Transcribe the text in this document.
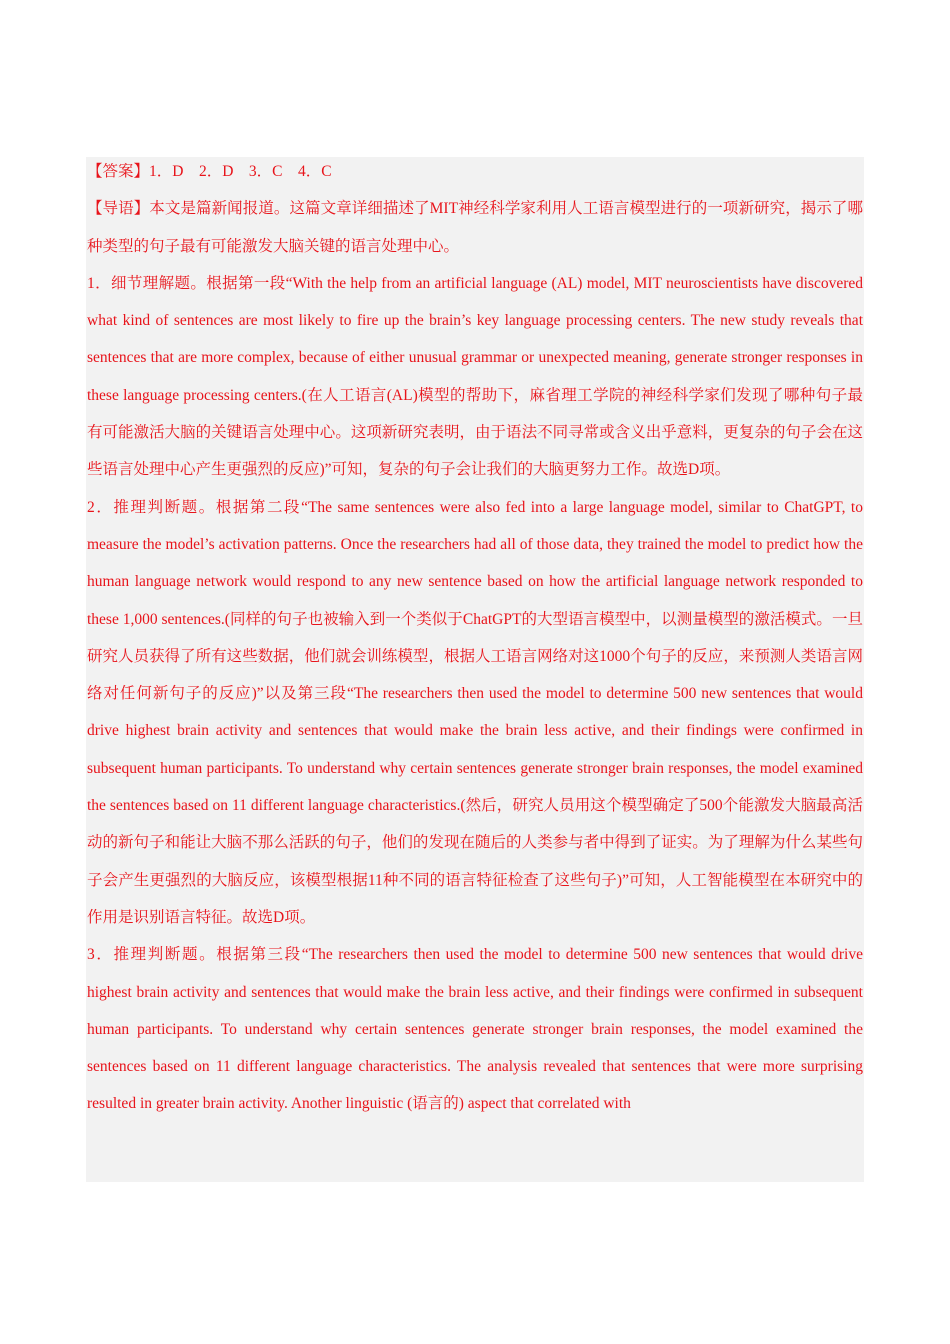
【答案】1．D　2．D　3．C　4．C

【导语】本文是篇新闻报道。这篇文章详细描述了MIT神经科学家利用人工语言模型进行的一项新研究，揭示了哪种类型的句子最有可能激发大脑关键的语言处理中心。

1．细节理解题。根据第一段“With the help from an artificial language (AL) model, MIT neuroscientists have discovered what kind of sentences are most likely to fire up the brain’s key language processing centers. The new study reveals that sentences that are more complex, because of either unusual grammar or unexpected meaning, generate stronger responses in these language processing centers.(在人工语言(AL)模型的帮助下，麻省理工学院的神经科学家们发现了哪种句子最有可能激活大脑的关键语言处理中心。这项新研究表明，由于语法不同寻常或含义出乎意料，更复杂的句子会在这些语言处理中心产生更强烈的反应)”可知，复杂的句子会让我们的大脑更努力工作。故选D项。

2．推理判断题。根据第二段“The same sentences were also fed into a large language model, similar to ChatGPT, to measure the model’s activation patterns. Once the researchers had all of those data, they trained the model to predict how the human language network would respond to any new sentence based on how the artificial language network responded to these 1,000 sentences.(同样的句子也被输入到一个类似于ChatGPT的大型语言模型中，以测量模型的激活模式。一旦研究人员获得了所有这些数据，他们就会训练模型，根据人工语言网络对这1000个句子的反应，来预测人类语言网络对任何新句子的反应)”以及第三段“The researchers then used the model to determine 500 new sentences that would drive highest brain activity and sentences that would make the brain less active, and their findings were confirmed in subsequent human participants. To understand why certain sentences generate stronger brain responses, the model examined the sentences based on 11 different language characteristics.(然后，研究人员用这个模型确定了500个能激发大脑最高活动的新句子和能让大脑不那么活跃的句子，他们的发现在随后的人类参与者中得到了证实。为了理解为什么某些句子会产生更强烈的大脑反应，该模型根据11种不同的语言特征检查了这些句子)”可知，人工智能模型在本研究中的作用是识别语言特征。故选D项。

3．推理判断题。根据第三段“The researchers then used the model to determine 500 new sentences that would drive highest brain activity and sentences that would make the brain less active, and their findings were confirmed in subsequent human participants. To understand why certain sentences generate stronger brain responses, the model examined the sentences based on 11 different language characteristics. The analysis revealed that sentences that were more surprising resulted in greater brain activity. Another linguistic (语言的) aspect that correlated with
